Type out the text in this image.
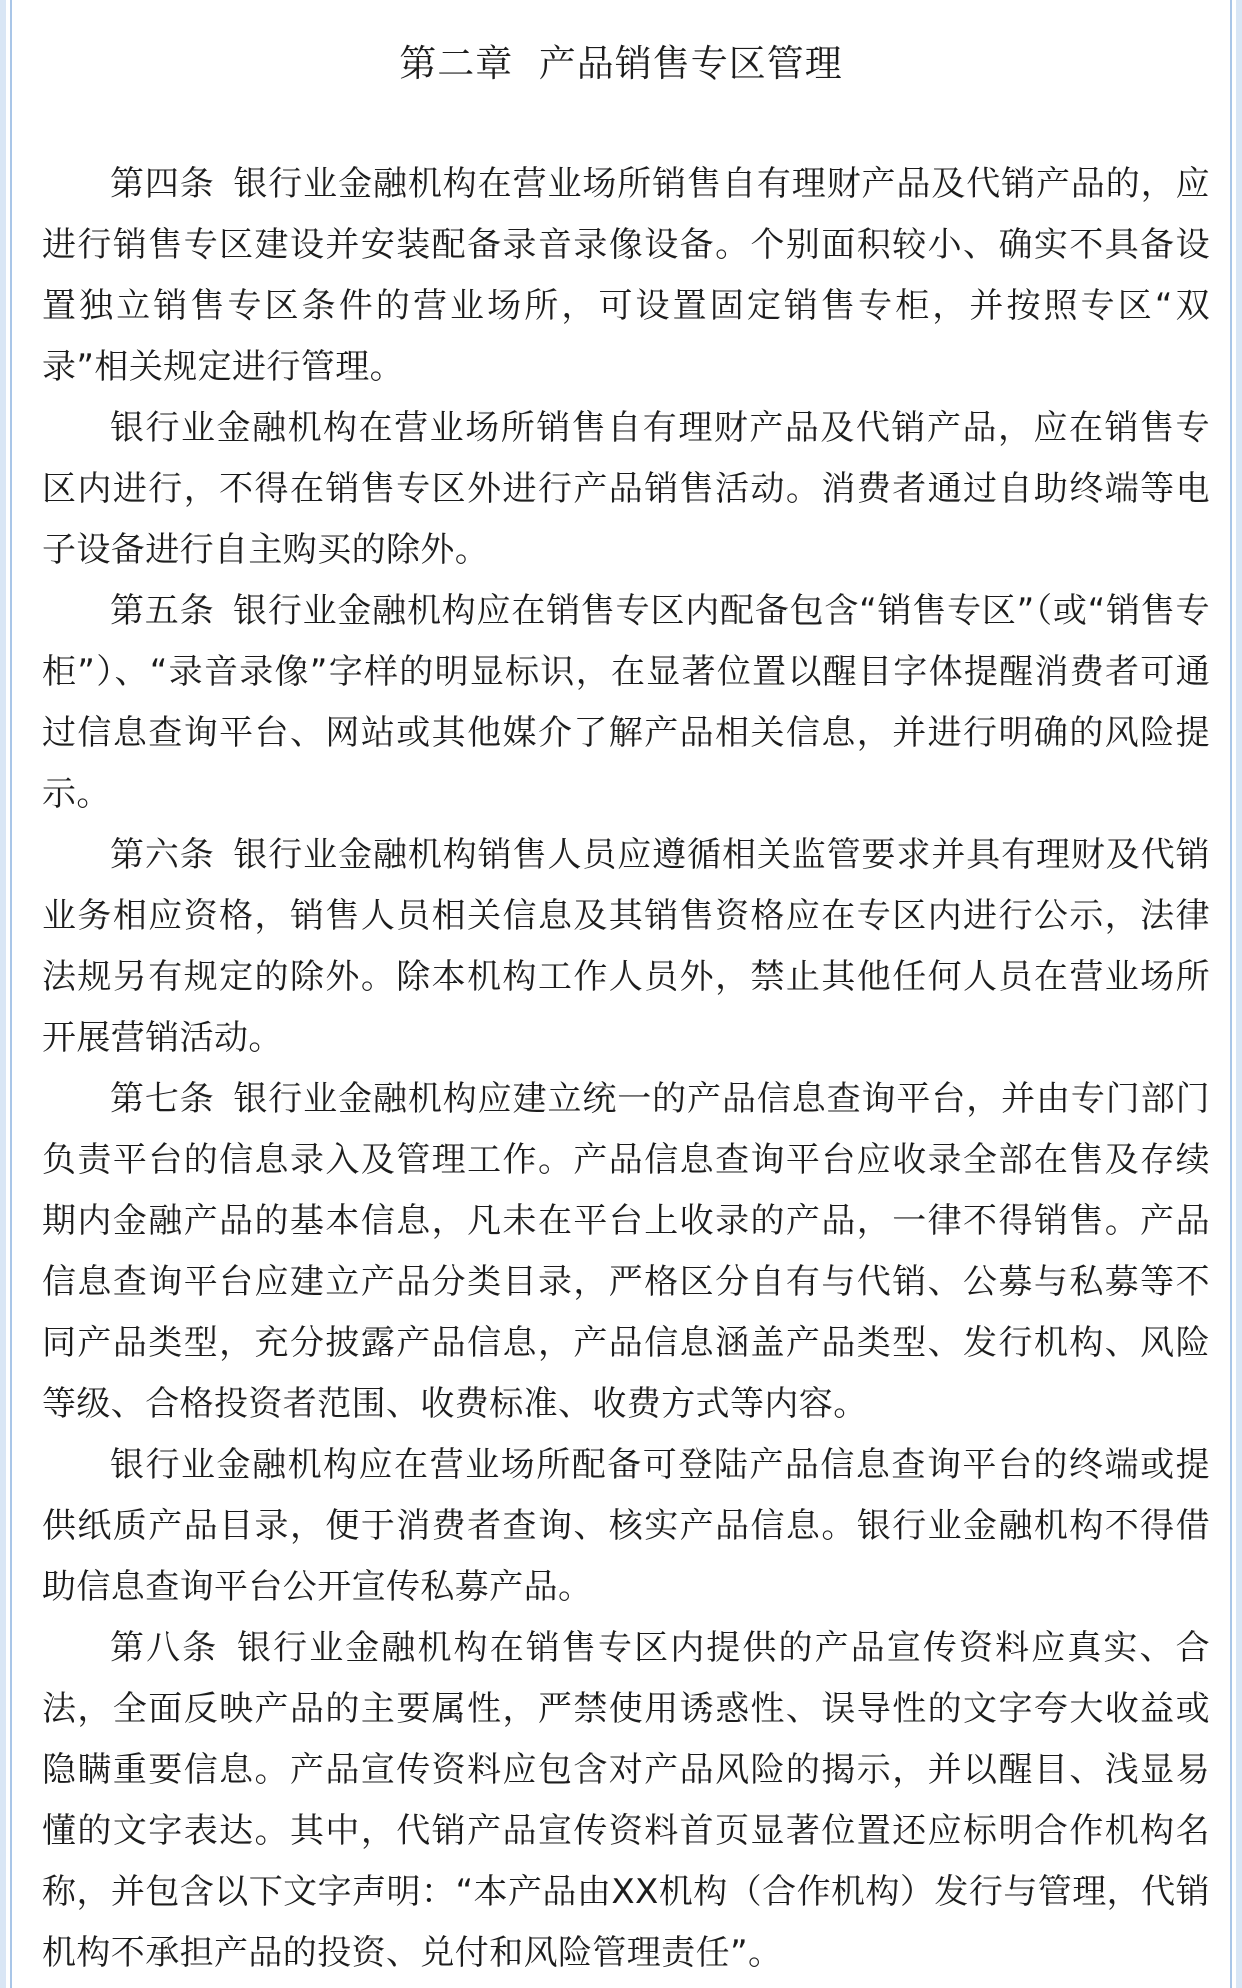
第二章  产品销售专区管理

第四条 银行业金融机构在营业场所销售自有理财产品及代销产品的，应进行销售专区建设并安装配备录音录像设备。个别面积较小、确实不具备设置独立销售专区条件的营业场所，可设置固定销售专柜，并按照专区“双录”相关规定进行管理。

银行业金融机构在营业场所销售自有理财产品及代销产品，应在销售专区内进行，不得在销售专区外进行产品销售活动。消费者通过自助终端等电子设备进行自主购买的除外。

第五条 银行业金融机构应在销售专区内配备包含“销售专区”（或“销售专柜”）、“录音录像”字样的明显标识，在显著位置以醒目字体提醒消费者可通过信息查询平台、网站或其他媒介了解产品相关信息，并进行明确的风险提示。

第六条 银行业金融机构销售人员应遵循相关监管要求并具有理财及代销业务相应资格，销售人员相关信息及其销售资格应在专区内进行公示，法律法规另有规定的除外。除本机构工作人员外，禁止其他任何人员在营业场所开展营销活动。

第七条 银行业金融机构应建立统一的产品信息查询平台，并由专门部门负责平台的信息录入及管理工作。产品信息查询平台应收录全部在售及存续期内金融产品的基本信息，凡未在平台上收录的产品，一律不得销售。产品信息查询平台应建立产品分类目录，严格区分自有与代销、公募与私募等不同产品类型，充分披露产品信息，产品信息涵盖产品类型、发行机构、风险等级、合格投资者范围、收费标准、收费方式等内容。

银行业金融机构应在营业场所配备可登陆产品信息查询平台的终端或提供纸质产品目录，便于消费者查询、核实产品信息。银行业金融机构不得借助信息查询平台公开宣传私募产品。

第八条 银行业金融机构在销售专区内提供的产品宣传资料应真实、合法，全面反映产品的主要属性，严禁使用诱惑性、误导性的文字夸大收益或隐瞒重要信息。产品宣传资料应包含对产品风险的揭示，并以醒目、浅显易懂的文字表达。其中，代销产品宣传资料首页显著位置还应标明合作机构名称，并包含以下文字声明：“本产品由XX机构（合作机构）发行与管理，代销机构不承担产品的投资、兑付和风险管理责任”。
